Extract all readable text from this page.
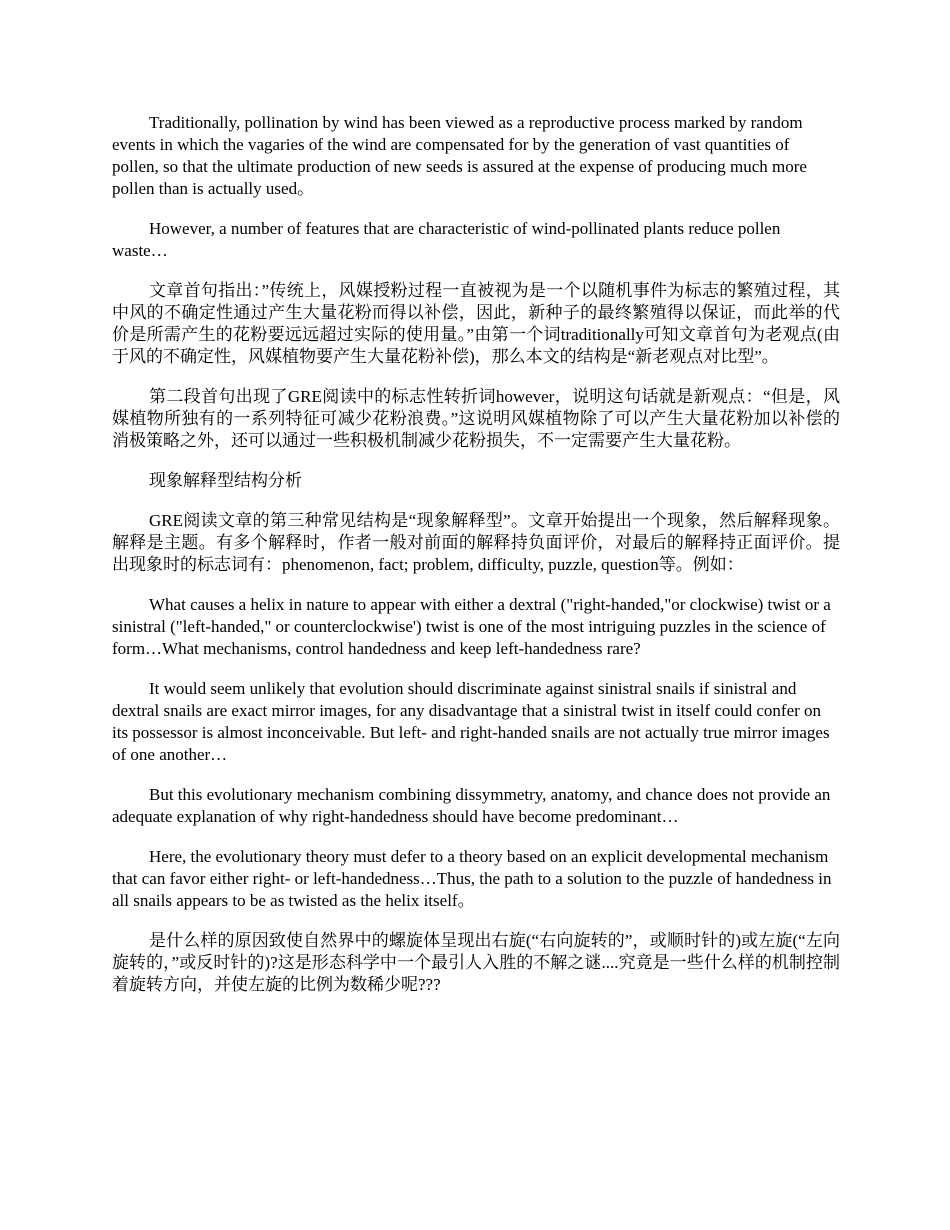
Traditionally, pollination by wind has been viewed as a reproductive process marked by random events in which the vagaries of the wind are compensated for by the generation of vast quantities of pollen, so that the ultimate production of new seeds is assured at the expense of producing much more pollen than is actually used。

However, a number of features that are characteristic of wind-pollinated plants reduce pollen waste…

文章首句指出：”传统上，风媒授粉过程一直被视为是一个以随机事件为标志的繁殖过程，其中风的不确定性通过产生大量花粉而得以补偿，因此，新种子的最终繁殖得以保证，而此举的代价是所需产生的花粉要远远超过实际的使用量。”由第一个词traditionally可知文章首句为老观点(由于风的不确定性，风媒植物要产生大量花粉补偿)，那么本文的结构是“新老观点对比型”。

第二段首句出现了GRE阅读中的标志性转折词however，说明这句话就是新观点：“但是，风媒植物所独有的一系列特征可减少花粉浪费。”这说明风媒植物除了可以产生大量花粉加以补偿的消极策略之外，还可以通过一些积极机制减少花粉损失，不一定需要产生大量花粉。

现象解释型结构分析

GRE阅读文章的第三种常见结构是“现象解释型”。文章开始提出一个现象，然后解释现象。解释是主题。有多个解释时，作者一般对前面的解释持负面评价，对最后的解释持正面评价。提出现象时的标志词有：phenomenon, fact; problem, difficulty, puzzle, question等。例如：

What causes a helix in nature to appear with either a dextral ("right-handed,"or clockwise) twist or a sinistral ("left-handed," or counterclockwise') twist is one of the most intriguing puzzles in the science of form…What mechanisms, control handedness and keep left-handedness rare?

It would seem unlikely that evolution should discriminate against sinistral snails if sinistral and dextral snails are exact mirror images, for any disadvantage that a sinistral twist in itself could confer on its possessor is almost inconceivable. But left- and right-handed snails are not actually true mirror images of one another…

But this evolutionary mechanism combining dissymmetry, anatomy, and chance does not provide an adequate explanation of why right-handedness should have become predominant…

Here, the evolutionary theory must defer to a theory based on an explicit developmental mechanism that can favor either right- or left-handedness…Thus, the path to a solution to the puzzle of handedness in all snails appears to be as twisted as the helix itself。

是什么样的原因致使自然界中的螺旋体呈现出右旋(“右向旋转的”，或顺时针的)或左旋(“左向旋转的，”或反时针的)?这是形态科学中一个最引人入胜的不解之谜....究竟是一些什么样的机制控制着旋转方向，并使左旋的比例为数稀少呢???
